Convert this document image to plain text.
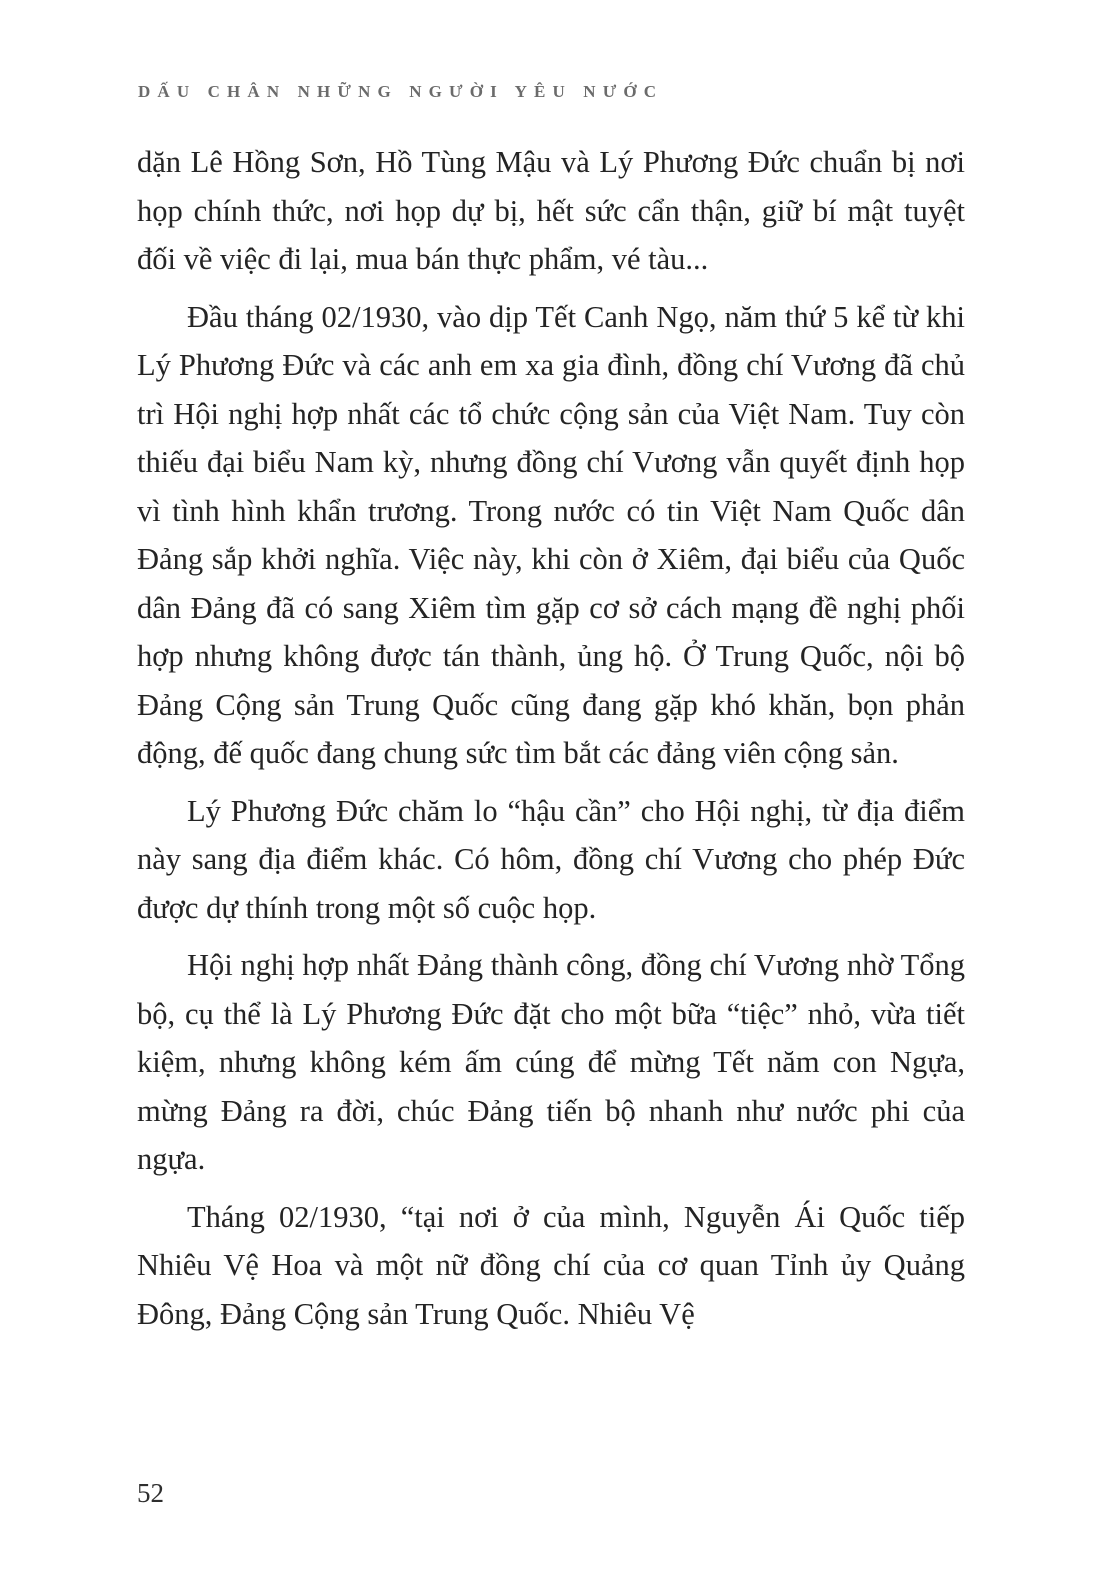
DẤU CHÂN NHỮNG NGƯỜI YÊU NƯỚC

dặn Lê Hồng Sơn, Hồ Tùng Mậu và Lý Phương Đức chuẩn bị nơi họp chính thức, nơi họp dự bị, hết sức cẩn thận, giữ bí mật tuyệt đối về việc đi lại, mua bán thực phẩm, vé tàu...

Đầu tháng 02/1930, vào dịp Tết Canh Ngọ, năm thứ 5 kể từ khi Lý Phương Đức và các anh em xa gia đình, đồng chí Vương đã chủ trì Hội nghị hợp nhất các tổ chức cộng sản của Việt Nam. Tuy còn thiếu đại biểu Nam kỳ, nhưng đồng chí Vương vẫn quyết định họp vì tình hình khẩn trương. Trong nước có tin Việt Nam Quốc dân Đảng sắp khởi nghĩa. Việc này, khi còn ở Xiêm, đại biểu của Quốc dân Đảng đã có sang Xiêm tìm gặp cơ sở cách mạng đề nghị phối hợp nhưng không được tán thành, ủng hộ. Ở Trung Quốc, nội bộ Đảng Cộng sản Trung Quốc cũng đang gặp khó khăn, bọn phản động, đế quốc đang chung sức tìm bắt các đảng viên cộng sản.

Lý Phương Đức chăm lo “hậu cần” cho Hội nghị, từ địa điểm này sang địa điểm khác. Có hôm, đồng chí Vương cho phép Đức được dự thính trong một số cuộc họp.

Hội nghị hợp nhất Đảng thành công, đồng chí Vương nhờ Tổng bộ, cụ thể là Lý Phương Đức đặt cho một bữa “tiệc” nhỏ, vừa tiết kiệm, nhưng không kém ấm cúng để mừng Tết năm con Ngựa, mừng Đảng ra đời, chúc Đảng tiến bộ nhanh như nước phi của ngựa.

Tháng 02/1930, “tại nơi ở của mình, Nguyễn Ái Quốc tiếp Nhiêu Vệ Hoa và một nữ đồng chí của cơ quan Tỉnh ủy Quảng Đông, Đảng Cộng sản Trung Quốc. Nhiêu Vệ

52
